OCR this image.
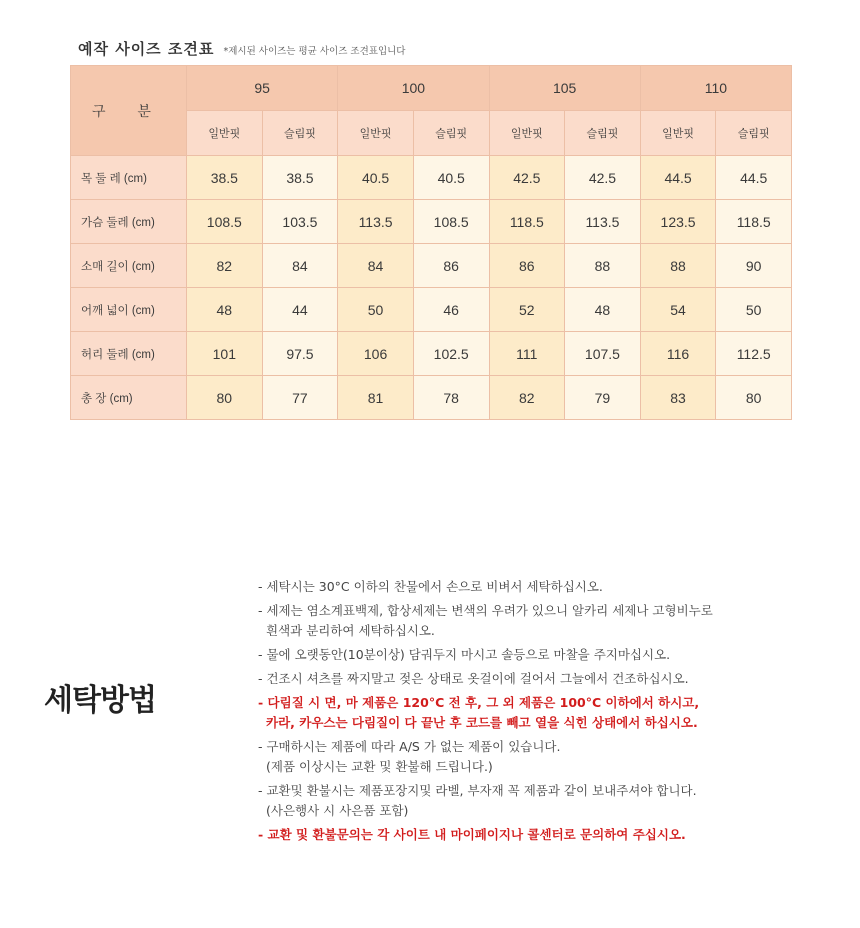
예작 사이즈 조견표 *제시된 사이즈는 평균 사이즈 조견표입니다
구 분	95		100		105		110	
	일반핏	슬림핏	일반핏	슬림핏	일반핏	슬림핏	일반핏	슬림핏
목 둘 레 (cm)	38.5	38.5	40.5	40.5	42.5	42.5	44.5	44.5
가슴 둘레 (cm)	108.5	103.5	113.5	108.5	118.5	113.5	123.5	118.5
소매 길이 (cm)	82	84	84	86	86	88	88	90
어깨 넓이 (cm)	48	44	50	46	52	48	54	50
허리 둘레 (cm)	101	97.5	106	102.5	111	107.5	116	112.5
총 장 (cm)	80	77	81	78	82	79	83	80
세탁방법
- 세탁시는 30°C 이하의 찬물에서 손으로 비벼서 세탁하십시오.
- 세제는 염소계표백제, 합상세제는 변색의 우려가 있으니 알카리 세제나 고형비누로
흰색과 분리하여 세탁하십시오.
- 물에 오랫동안(10분이상) 담궈두지 마시고 솔등으로 마찰을 주지마십시오.
- 건조시 셔츠를 짜지말고 젖은 상태로 옷걸이에 걸어서 그늘에서 건조하십시오.
- 다림질 시 면, 마 제품은 120°C 전 후, 그 외 제품은 100°C 이하에서 하시고,
카라, 카우스는 다림질이 다 끝난 후 코드를 빼고 열을 식힌 상태에서 하십시오.
- 구매하시는 제품에 따라 A/S 가 없는 제품이 있습니다.
(제품 이상시는 교환 및 환불해 드립니다.)
- 교환및 환불시는 제품포장지및 라벨, 부자재 꼭 제품과 같이 보내주셔야 합니다.
(사은행사 시 사은품 포함)
- 교환 및 환불문의는 각 사이트 내 마이페이지나 콜센터로 문의하여 주십시오.
